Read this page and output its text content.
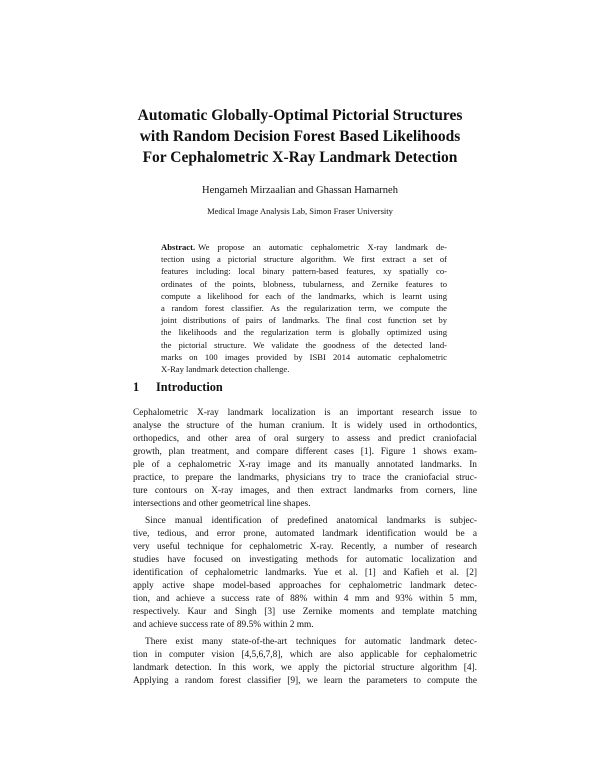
Automatic Globally-Optimal Pictorial Structures
with Random Decision Forest Based Likelihoods
For Cephalometric X-Ray Landmark Detection
Hengameh Mirzaalian and Ghassan Hamarneh
Medical Image Analysis Lab, Simon Fraser University
Abstract. We propose an automatic cephalometric X-ray landmark de-
tection using a pictorial structure algorithm. We first extract a set of
features including: local binary pattern-based features, xy spatially co-
ordinates of the points, blobness, tubularness, and Zernike features to
compute a likelihood for each of the landmarks, which is learnt using
a random forest classifier. As the regularization term, we compute the
joint distributions of pairs of landmarks. The final cost function set by
the likelihoods and the regularization term is globally optimized using
the pictorial structure. We validate the goodness of the detected land-
marks on 100 images provided by ISBI 2014 automatic cephalometric
X-Ray landmark detection challenge.
1 Introduction
Cephalometric X-ray landmark localization is an important research issue to
analyse the structure of the human cranium. It is widely used in orthodontics,
orthopedics, and other area of oral surgery to assess and predict craniofacial
growth, plan treatment, and compare different cases [1]. Figure 1 shows exam-
ple of a cephalometric X-ray image and its manually annotated landmarks. In
practice, to prepare the landmarks, physicians try to trace the craniofacial struc-
ture contours on X-ray images, and then extract landmarks from corners, line
intersections and other geometrical line shapes.
Since manual identification of predefined anatomical landmarks is subjec-
tive, tedious, and error prone, automated landmark identification would be a
very useful technique for cephalometric X-ray. Recently, a number of research
studies have focused on investigating methods for automatic localization and
identification of cephalometric landmarks. Yue et al. [1] and Kafieh et al. [2]
apply active shape model-based approaches for cephalometric landmark detec-
tion, and achieve a success rate of 88% within 4 mm and 93% within 5 mm,
respectively. Kaur and Singh [3] use Zernike moments and template matching
and achieve success rate of 89.5% within 2 mm.
There exist many state-of-the-art techniques for automatic landmark detec-
tion in computer vision [4,5,6,7,8], which are also applicable for cephalometric
landmark detection. In this work, we apply the pictorial structure algorithm [4].
Applying a random forest classifier [9], we learn the parameters to compute the
